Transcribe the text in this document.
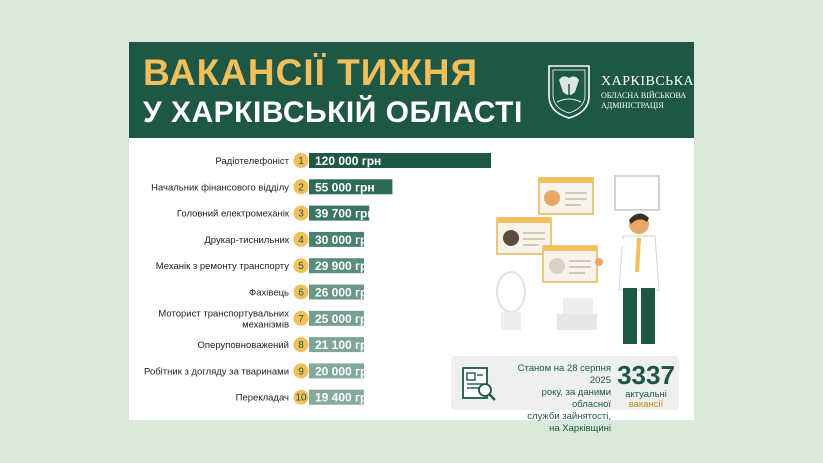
ВАКАНСІЇ ТИЖНЯ
У ХАРКІВСЬКІЙ ОБЛАСТІ
ХАРКІВСЬКА
ОБЛАСНА ВІЙСЬКОВА
АДМІНІСТРАЦІЯ
1 120 000 грн
Радіотелефоніст
2 55 000 грн
Начальник фінансового відділу
3 39 700 грн
Головний електромеханік
4 30 000 грн
Друкар-тиснильник
5 29 900 грн
Механік з ремонту транспорту
6 26 000 грн
Фахівець
7 25 000 грн
Моторист транспортувальних
механізмів
8 21 100 грн
Оперуповноважений
9 20 000 грн
Робітник з догляду за тваринами
10 19 400 грн
Перекладач
Станом на 28 серпня 2025
року, за даними обласної
служби зайнятості,
на Харківщині
3337
актуальні
вакансії
